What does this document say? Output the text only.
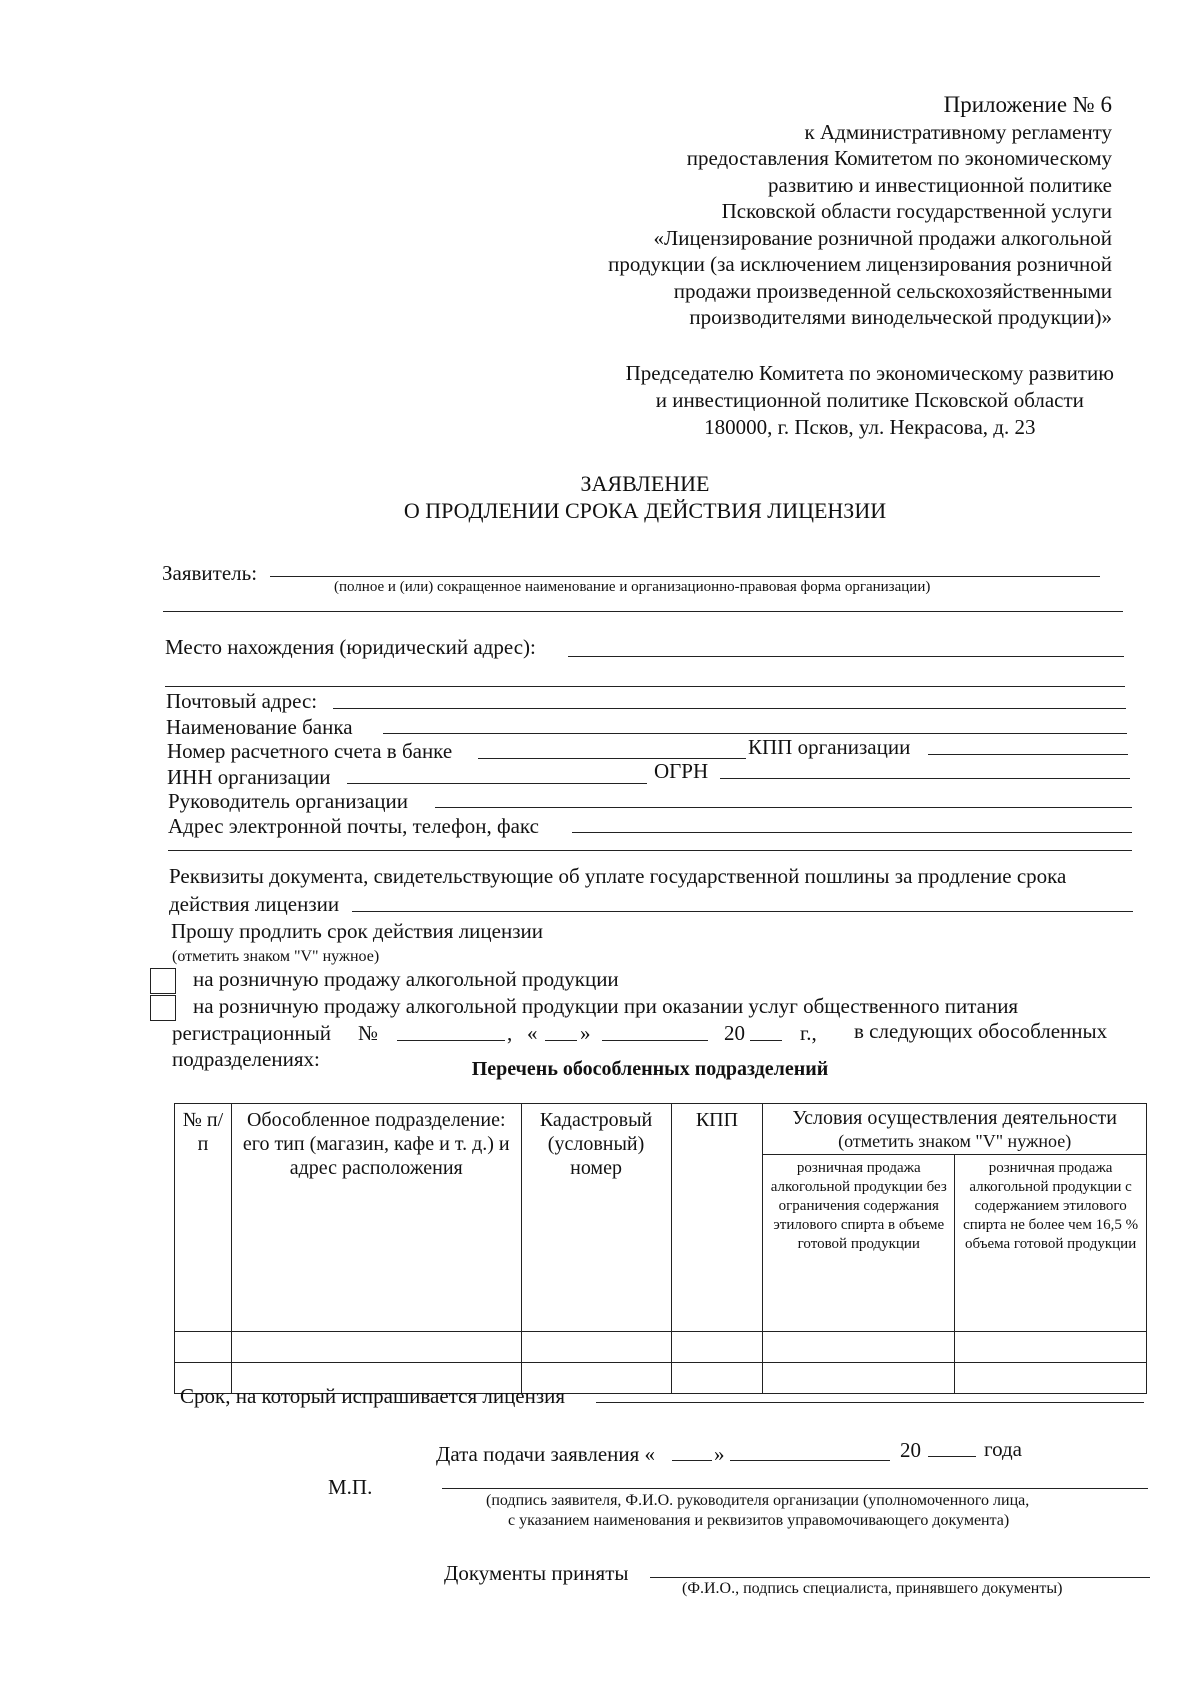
Приложение № 6
к Административному регламенту
предоставления Комитетом по экономическому
развитию и инвестиционной политике
Псковской области государственной услуги
«Лицензирование розничной продажи алкогольной
продукции (за исключением лицензирования розничной
продажи произведенной сельскохозяйственными
производителями винодельческой продукции)»
Председателю Комитета по экономическому развитию
и инвестиционной политике Псковской области
180000, г. Псков, ул. Некрасова, д. 23
ЗАЯВЛЕНИЕ
О ПРОДЛЕНИИ СРОКА ДЕЙСТВИЯ ЛИЦЕНЗИИ
Заявитель:
(полное и (или) сокращенное наименование и организационно-правовая форма организации)
Место нахождения (юридический адрес):
Почтовый адрес:
Наименование банка
Номер расчетного счета в банке	КПП организации
ИНН организации	ОГРН
Руководитель организации
Адрес электронной почты, телефон, факс
Реквизиты документа, свидетельствующие об уплате государственной пошлины за продление срока
действия лицензии
Прошу продлить срок действия лицензии
(отметить знаком "V" нужное)
на розничную продажу алкогольной продукции
на розничную продажу алкогольной продукции при оказании услуг общественного питания
регистрационный №	, « »	20	г., в следующих обособленных
подразделениях:	Перечень обособленных подразделений
№ п/п	Обособленное подразделение: его тип (магазин, кафе и т. д.) и адрес расположения	Кадастровый (условный) номер	КПП	Условия осуществления деятельности
(отметить знаком "V" нужное)	

				розничная продажа алкогольной продукции без ограничения содержания этилового спирта в объеме готовой продукции	розничная продажа алкогольной продукции с содержанием этилового спирта не более чем 16,5 % объема готовой продукции

Срок, на который испрашивается лицензия
Дата подачи заявления «	»	20	года
М.П.
(подпись заявителя, Ф.И.О. руководителя организации (уполномоченного лица,
с указанием наименования и реквизитов управомочивающего документа)
Документы приняты
(Ф.И.О., подпись специалиста, принявшего документы)
